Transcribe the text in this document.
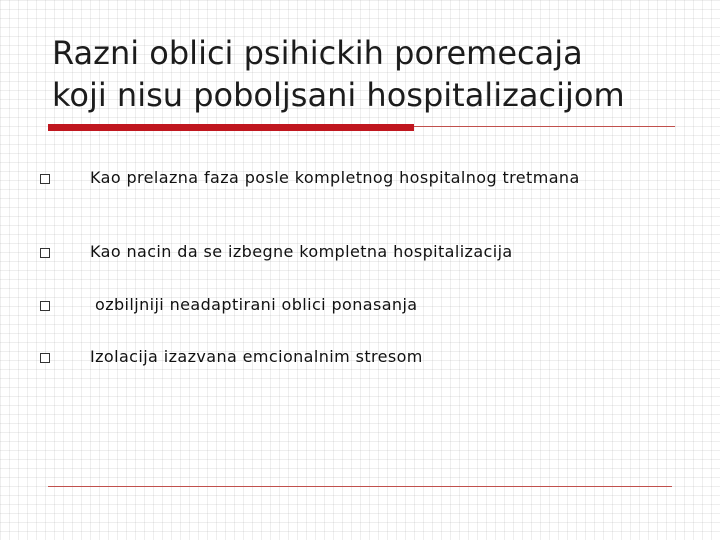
Razni oblici psihickih poremecaja
koji nisu poboljsani hospitalizacijom
Kao prelazna faza posle kompletnog hospitalnog tretmana
Kao nacin da se izbegne kompletna hospitalizacija
ozbiljniji neadaptirani oblici ponasanja
Izolacija izazvana emcionalnim stresom
